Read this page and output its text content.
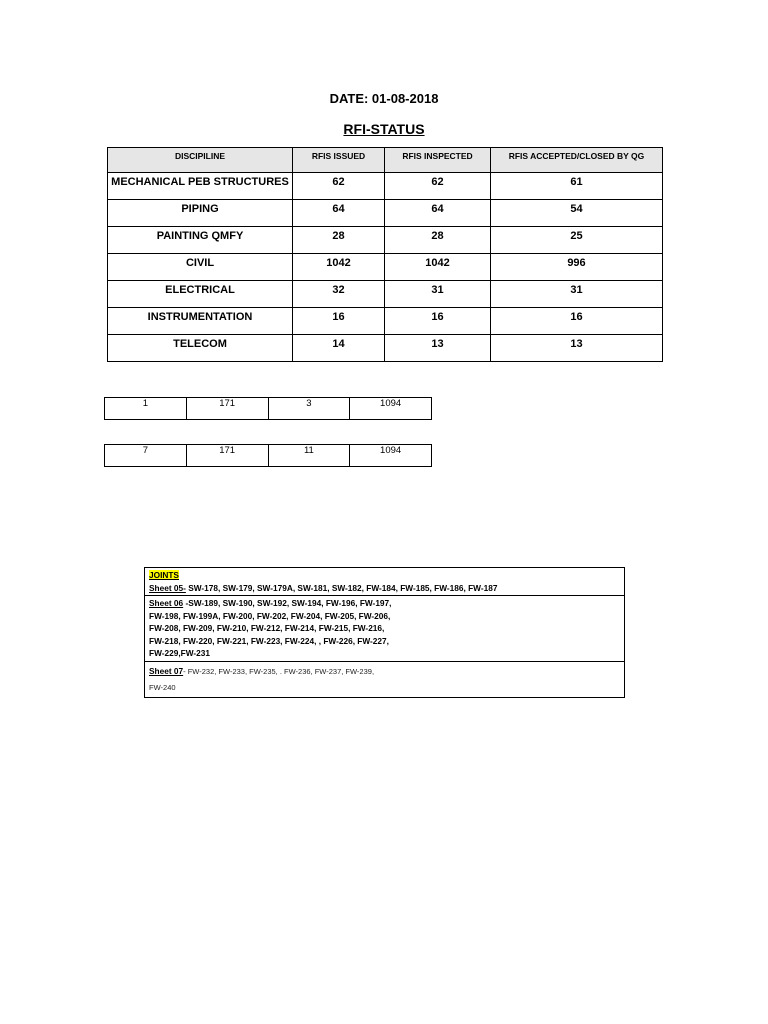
DATE: 01-08-2018
RFI-STATUS
DISCIPILINE	RFIS ISSUED	RFIS INSPECTED	RFIS ACCEPTED/CLOSED BY QG
MECHANICAL PEB STRUCTURES	62	62	61
PIPING	64	64	54
PAINTING QMFY	28	28	25
CIVIL	1042	1042	996
ELECTRICAL	32	31	31
INSTRUMENTATION	16	16	16
TELECOM	14	13	13
1	171	3	1094
7	171	11	1094
JOINTS
Sheet 05- SW-178, SW-179, SW-179A, SW-181, SW-182, FW-184, FW-185, FW-186, FW-187
Sheet 06 -SW-189, SW-190, SW-192, SW-194, FW-196, FW-197,
FW-198, FW-199A, FW-200, FW-202, FW-204, FW-205, FW-206,
FW-208, FW-209, FW-210, FW-212, FW-214, FW-215, FW-216,
FW-218, FW-220, FW-221, FW-223, FW-224, , FW-226, FW-227,
FW-229,FW-231
Sheet 07- FW-232, FW-233, FW-235, . FW-236, FW-237, FW-239,
FW-240
